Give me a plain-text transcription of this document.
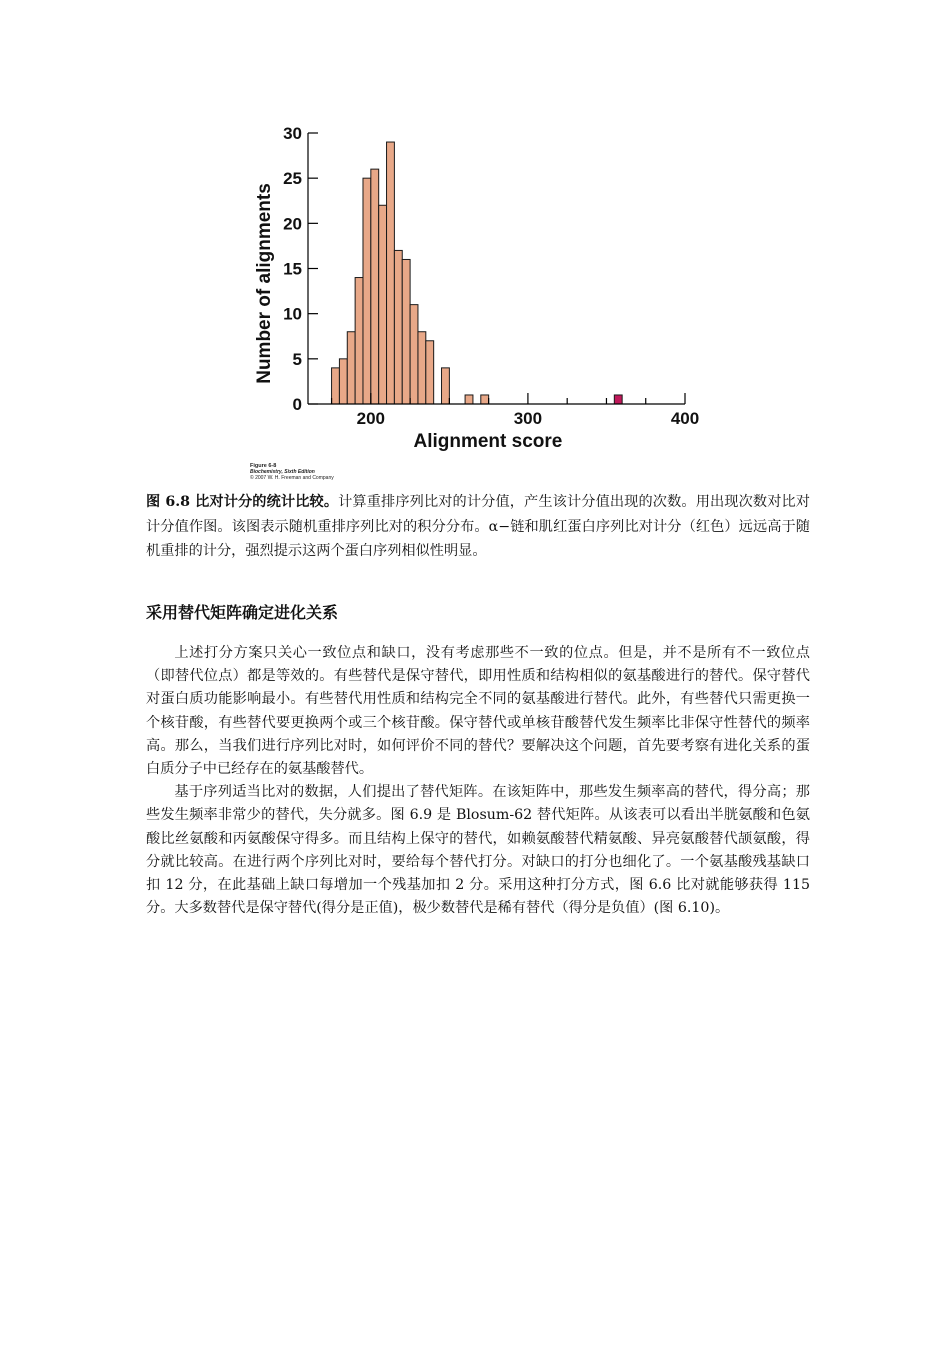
0
5
10
15
20
25
30
200	300	400
Alignment score
Number of alignments
Figure 6-8
Biochemistry, Sixth Edition
© 2007 W. H. Freeman and Company
图 6.8 比对计分的统计比较。计算重排序列比对的计分值，产生该计分值出现的次数。用出现次数对比对计分值作图。该图表示随机重排序列比对的积分分布。α−链和肌红蛋白序列比对计分（红色）远远高于随机重排的计分，强烈提示这两个蛋白序列相似性明显。
采用替代矩阵确定进化关系

上述打分方案只关心一致位点和缺口，没有考虑那些不一致的位点。但是，并不是所有不一致位点（即替代位点）都是等效的。有些替代是保守替代，即用性质和结构相似的氨基酸进行的替代。保守替代对蛋白质功能影响最小。有些替代用性质和结构完全不同的氨基酸进行替代。此外，有些替代只需更换一个核苷酸，有些替代要更换两个或三个核苷酸。保守替代或单核苷酸替代发生频率比非保守性替代的频率高。那么，当我们进行序列比对时，如何评价不同的替代？要解决这个问题，首先要考察有进化关系的蛋白质分子中已经存在的氨基酸替代。

基于序列适当比对的数据，人们提出了替代矩阵。在该矩阵中，那些发生频率高的替代，得分高；那些发生频率非常少的替代，失分就多。图 6.9 是 Blosum-62 替代矩阵。从该表可以看出半胱氨酸和色氨酸比丝氨酸和丙氨酸保守得多。而且结构上保守的替代，如赖氨酸替代精氨酸、异亮氨酸替代颉氨酸，得分就比较高。在进行两个序列比对时，要给每个替代打分。对缺口的打分也细化了。一个氨基酸残基缺口扣 12 分，在此基础上缺口每增加一个残基加扣 2 分。采用这种打分方式，图 6.6 比对就能够获得 115 分。大多数替代是保守替代(得分是正值)，极少数替代是稀有替代（得分是负值）(图 6.10)。
